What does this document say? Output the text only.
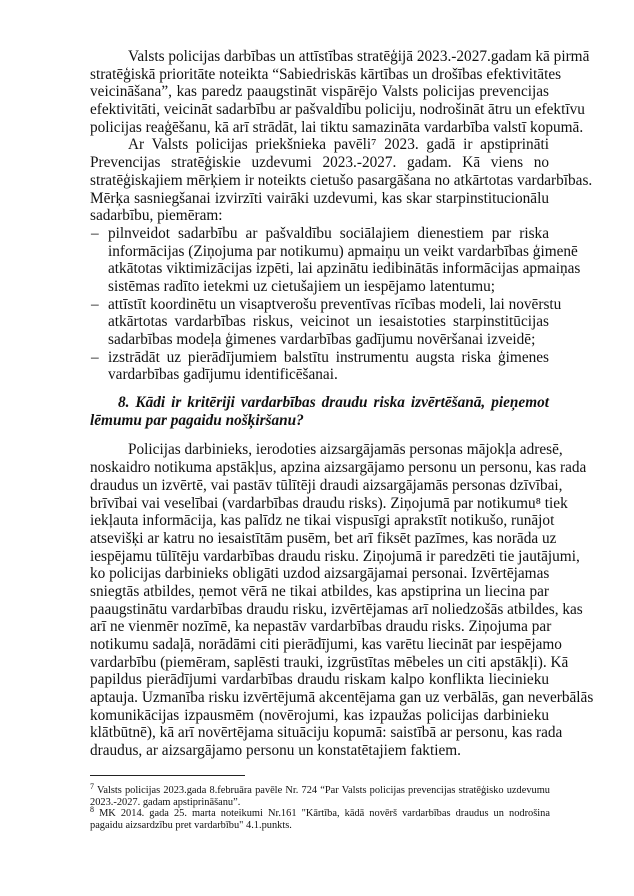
Valsts policijas darbības un attīstības stratēģijā 2023.-2027.gadam kā pirmā
stratēģiskā prioritāte noteikta “Sabiedriskās kārtības un drošības efektivitātes
veicināšana”, kas paredz paaugstināt vispārējo Valsts policijas prevencijas
efektivitāti, veicināt sadarbību ar pašvaldību policiju, nodrošināt ātru un efektīvu
policijas reaģēšanu, kā arī strādāt, lai tiktu samazināta vardarbība valstī kopumā.
Ar Valsts policijas priekšnieka pavēli⁷ 2023. gadā ir apstiprināti
Prevencijas stratēģiskie uzdevumi 2023.-2027. gadam. Kā viens no
stratēģiskajiem mērķiem ir noteikts cietušo pasargāšana no atkārtotas vardarbības.
Mērķa sasniegšanai izvirzīti vairāki uzdevumi, kas skar starpinstitucionālu
sadarbību, piemēram:
– pilnveidot sadarbību ar pašvaldību sociālajiem dienestiem par riska
informācijas (Ziņojuma par notikumu) apmaiņu un veikt vardarbības ģimenē
atkātotas viktimizācijas izpēti, lai apzinātu iedibinātās informācijas apmaiņas
sistēmas radīto ietekmi uz cietušajiem un iespējamo latentumu;
– attīstīt koordinētu un visaptverošu preventīvas rīcības modeli, lai novērstu
atkārtotas vardarbības riskus, veicinot un iesaistoties starpinstitūcijas
sadarbības modeļa ģimenes vardarbības gadījumu novēršanai izveidē;
– izstrādāt uz pierādījumiem balstītu instrumentu augsta riska ģimenes
vardarbības gadījumu identificēšanai.
8. Kādi ir kritēriji vardarbības draudu riska izvērtēšanā, pieņemot
lēmumu par pagaidu nošķiršanu?
Policijas darbinieks, ierodoties aizsargājamās personas mājokļa adresē,
noskaidro notikuma apstākļus, apzina aizsargājamo personu un personu, kas rada
draudus un izvērtē, vai pastāv tūlītēji draudi aizsargājamās personas dzīvībai,
brīvībai vai veselībai (vardarbības draudu risks). Ziņojumā par notikumu⁸ tiek
iekļauta informācija, kas palīdz ne tikai vispusīgi aprakstīt notikušo, runājot
atsevišķi ar katru no iesaistītām pusēm, bet arī fiksēt pazīmes, kas norāda uz
iespējamu tūlītēju vardarbības draudu risku. Ziņojumā ir paredzēti tie jautājumi,
ko policijas darbinieks obligāti uzdod aizsargājamai personai. Izvērtējamas
sniegtās atbildes, ņemot vērā ne tikai atbildes, kas apstiprina un liecina par
paaugstinātu vardarbības draudu risku, izvērtējamas arī noliedzošās atbildes, kas
arī ne vienmēr nozīmē, ka nepastāv vardarbības draudu risks. Ziņojuma par
notikumu sadaļā, norādāmi citi pierādījumi, kas varētu liecināt par iespējamo
vardarbību (piemēram, saplēsti trauki, izgrūstītas mēbeles un citi apstākļi). Kā
papildus pierādījumi vardarbības draudu riskam kalpo konflikta liecinieku
aptauja. Uzmanība risku izvērtējumā akcentējama gan uz verbālās, gan neverbālās
komunikācijas izpausmēm (novērojumi, kas izpaužas policijas darbinieku
klātbūtnē), kā arī novērtējama situāciju kopumā: saistībā ar personu, kas rada
draudus, ar aizsargājamo personu un konstatētajiem faktiem.

$^7$ Valsts policijas 2023.gada 8.februāra pavēle Nr. 724 “Par Valsts policijas prevencijas stratēģisko uzdevumu 2023.-2027. gadam apstiprināšanu”.

$^8$ MK 2014. gada 25. marta noteikumi Nr.161 "Kārtība, kādā novērš vardarbības draudus un nodrošina pagaidu aizsardzību pret vardarbību" 4.1.punkts.
